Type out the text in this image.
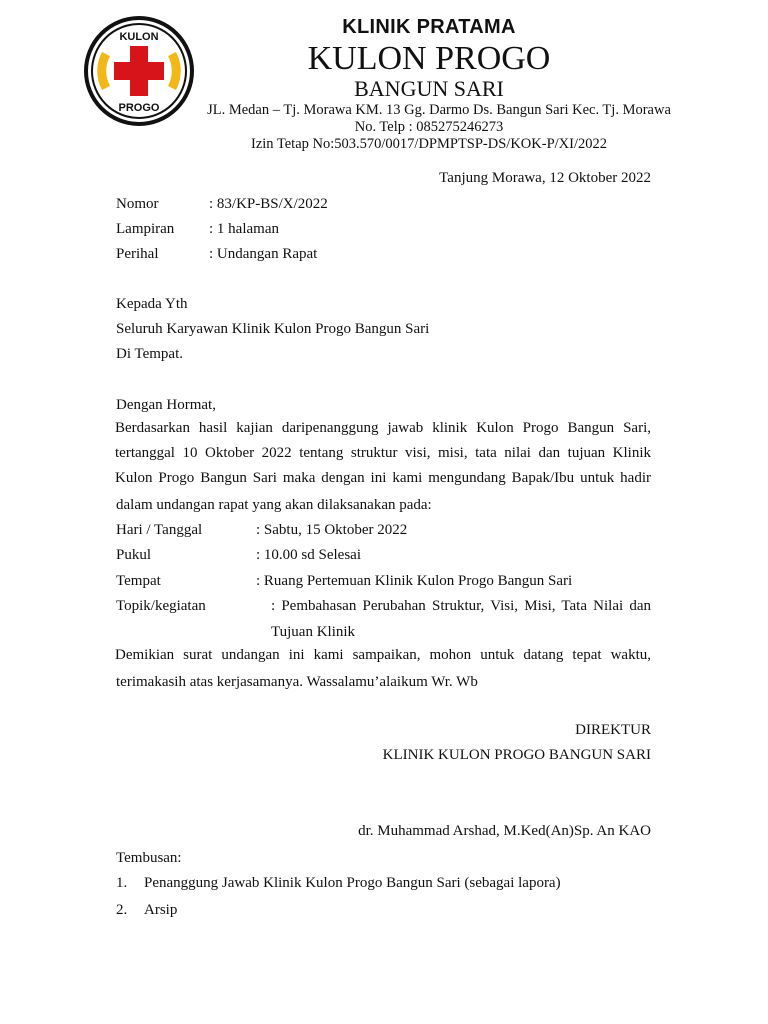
KULON
PROGO
KLINIK PRATAMA
KULON PROGO
BANGUN SARI
JL. Medan – Tj. Morawa KM. 13 Gg. Darmo Ds. Bangun Sari Kec. Tj. Morawa
No. Telp : 085275246273
Izin Tetap No:503.570/0017/DPMPTSP-DS/KOK-P/XI/2022
Tanjung Morawa, 12 Oktober 2022
Nomor	: 83/KP-BS/X/2022
Lampiran : 1 halaman
Perihal	: Undangan Rapat
Kepada Yth
Seluruh Karyawan Klinik Kulon Progo Bangun Sari
Di Tempat.
Dengan Hormat,
Berdasarkan hasil kajian daripenanggung jawab klinik Kulon Progo Bangun Sari,
tertanggal 10 Oktober 2022 tentang struktur visi, misi, tata nilai dan tujuan Klinik
Kulon Progo Bangun Sari maka dengan ini kami mengundang Bapak/Ibu untuk hadir
dalam undangan rapat yang akan dilaksanakan pada:
Hari / Tanggal	: Sabtu, 15 Oktober 2022
Pukul	: 10.00 sd Selesai
Tempat	: Ruang Pertemuan Klinik Kulon Progo Bangun Sari
Topik/kegiatan	: Pembahasan Perubahan Struktur, Visi, Misi, Tata Nilai dan
Tujuan Klinik
Demikian surat undangan ini kami sampaikan, mohon untuk datang tepat waktu,
terimakasih atas kerjasamanya. Wassalamu’alaikum Wr. Wb
DIREKTUR
KLINIK KULON PROGO BANGUN SARI
dr. Muhammad Arshad, M.Ked(An)Sp. An KAO
Tembusan:
1. Penanggung Jawab Klinik Kulon Progo Bangun Sari (sebagai lapora)
2. Arsip
